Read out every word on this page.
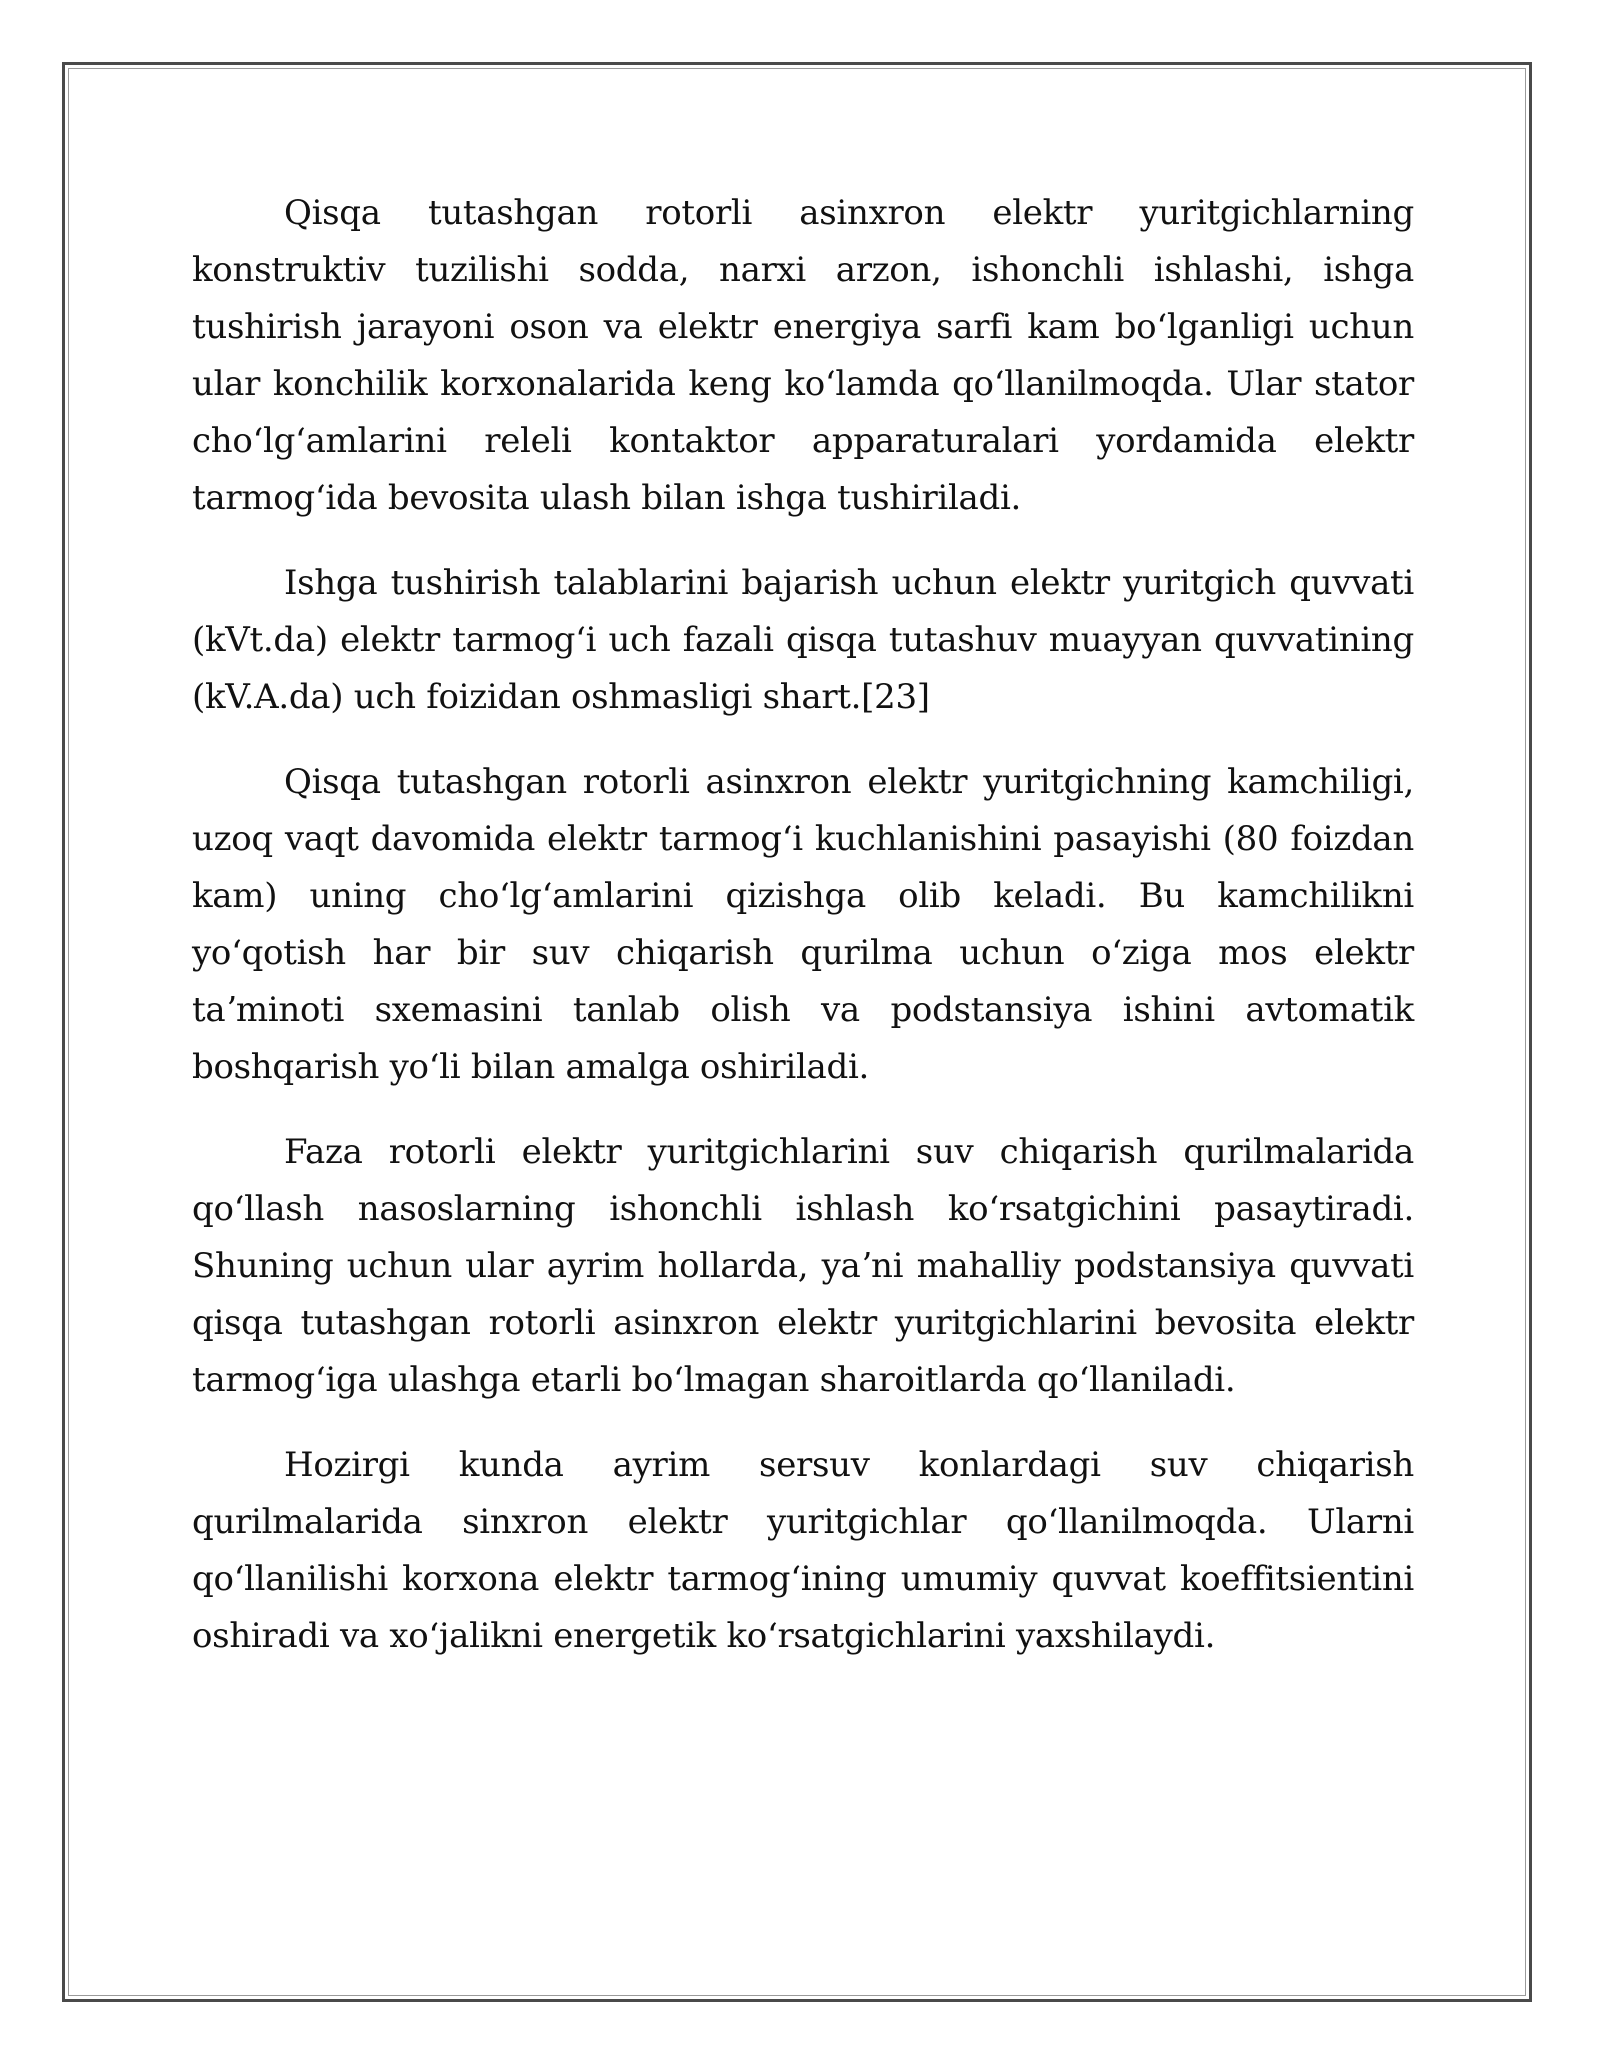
Qisqa tutashgan rotorli asinxron elektr yuritgichlarning konstruktiv tuzilishi sodda, narxi arzon, ishonchli ishlashi, ishga tushirish jarayoni oson va elektr energiya sarfi kam boʻlganligi uchun ular konchilik korxonalarida keng koʻlamda qoʻllanilmoqda. Ular stator choʻlgʻamlarini releli kontaktor apparaturalari yordamida elektr tarmogʻida bevosita ulash bilan ishga tushiriladi.

Ishga tushirish talablarini bajarish uchun elektr yuritgich quvvati (kVt.da) elektr tarmogʻi uch fazali qisqa tutashuv muayyan quvvatining (kV.A.da) uch foizidan oshmasligi shart.[23]

Qisqa tutashgan rotorli asinxron elektr yuritgichning kamchiligi, uzoq vaqt davomida elektr tarmogʻi kuchlanishini pasayishi (80 foizdan kam) uning choʻlgʻamlarini qizishga olib keladi. Bu kamchilikni yoʻqotish har bir suv chiqarish qurilma uchun oʻziga mos elektr taʼminoti sxemasini tanlab olish va podstansiya ishini avtomatik boshqarish yoʻli bilan amalga oshiriladi.

Faza rotorli elektr yuritgichlarini suv chiqarish qurilmalarida qoʻllash nasoslarning ishonchli ishlash koʻrsatgichini pasaytiradi. Shuning uchun ular ayrim hollarda, yaʼni mahalliy podstansiya quvvati qisqa tutashgan rotorli asinxron elektr yuritgichlarini bevosita elektr tarmogʻiga ulashga etarli boʻlmagan sharoitlarda qoʻllaniladi.

Hozirgi kunda ayrim sersuv konlardagi suv chiqarish qurilmalarida sinxron elektr yuritgichlar qoʻllanilmoqda. Ularni qoʻllanilishi korxona elektr tarmogʻining umumiy quvvat koeffitsientini oshiradi va xoʻjalikni energetik koʻrsatgichlarini yaxshilaydi.
